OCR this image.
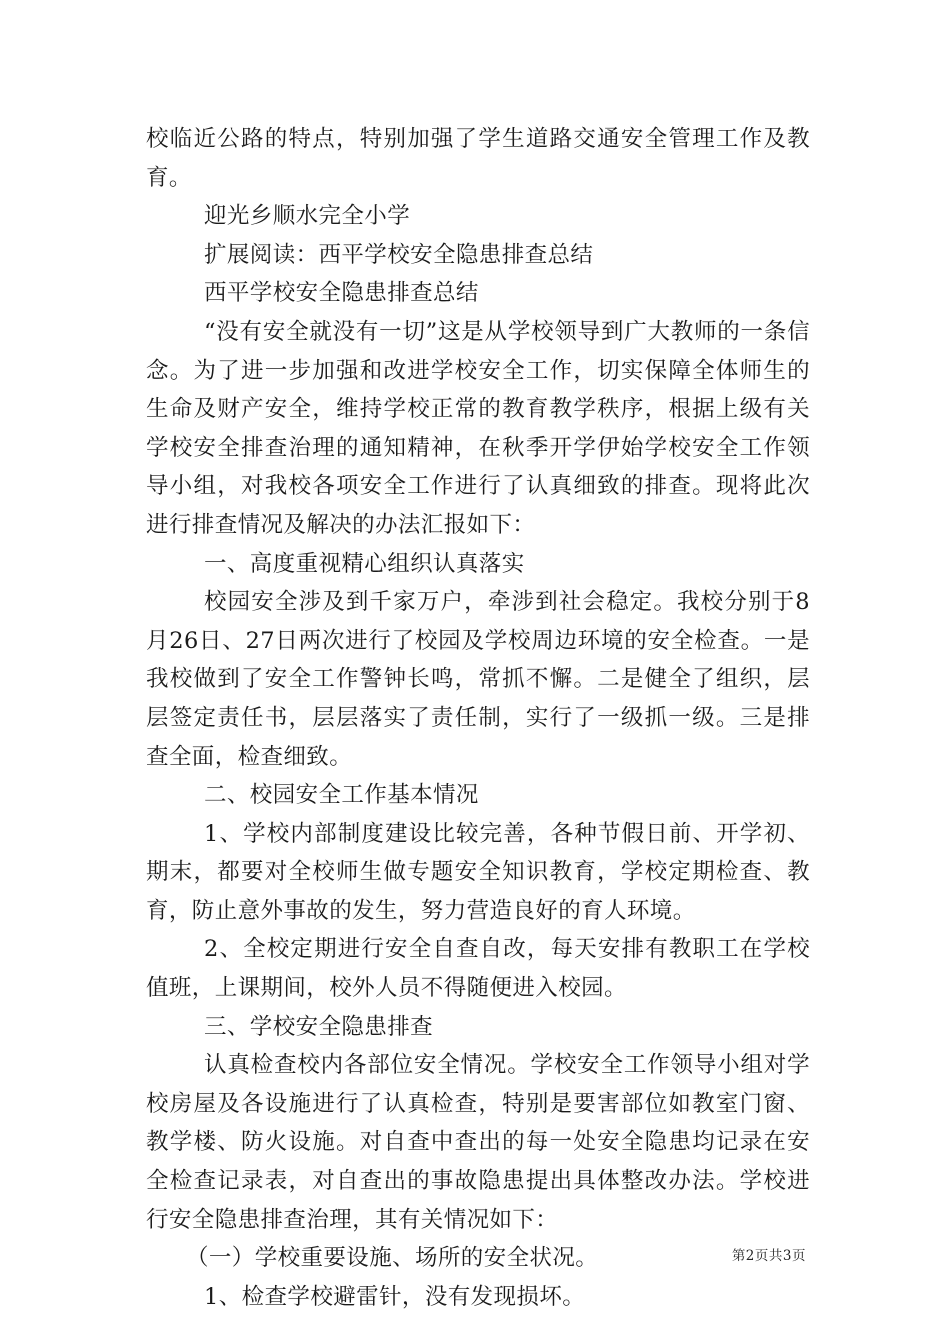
校临近公路的特点，特别加强了学生道路交通安全管理工作及教育。

迎光乡顺水完全小学

扩展阅读：西平学校安全隐患排查总结

西平学校安全隐患排查总结

“没有安全就没有一切”这是从学校领导到广大教师的一条信念。为了进一步加强和改进学校安全工作，切实保障全体师生的生命及财产安全，维持学校正常的教育教学秩序，根据上级有关学校安全排查治理的通知精神，在秋季开学伊始学校安全工作领导小组，对我校各项安全工作进行了认真细致的排查。现将此次进行排查情况及解决的办法汇报如下：

一、高度重视精心组织认真落实

校园安全涉及到千家万户，牵涉到社会稳定。我校分别于8月26日、27日两次进行了校园及学校周边环境的安全检查。一是我校做到了安全工作警钟长鸣，常抓不懈。二是健全了组织，层层签定责任书，层层落实了责任制，实行了一级抓一级。三是排查全面，检查细致。

二、校园安全工作基本情况

1、学校内部制度建设比较完善，各种节假日前、开学初、期末，都要对全校师生做专题安全知识教育，学校定期检查、教育，防止意外事故的发生，努力营造良好的育人环境。

2、全校定期进行安全自查自改，每天安排有教职工在学校值班，上课期间，校外人员不得随便进入校园。

三、学校安全隐患排查

认真检查校内各部位安全情况。学校安全工作领导小组对学校房屋及各设施进行了认真检查，特别是要害部位如教室门窗、教学楼、防火设施。对自查中查出的每一处安全隐患均记录在安全检查记录表，对自查出的事故隐患提出具体整改办法。学校进行安全隐患排查治理，其有关情况如下：

（一）学校重要设施、场所的安全状况。

1、检查学校避雷针，没有发现损坏。

第2页共3页
